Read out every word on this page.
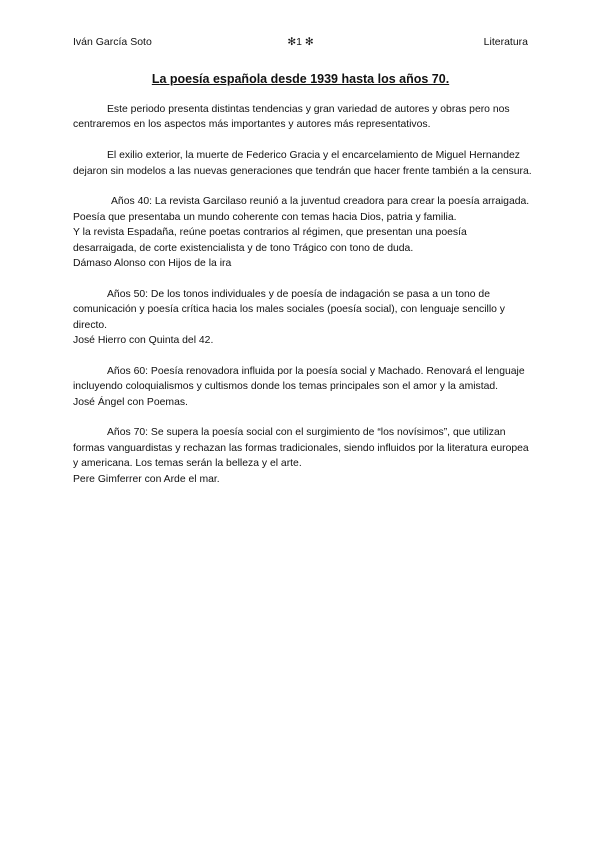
Iván García Soto	✻1 ✻	Literatura
La poesía española desde 1939 hasta los años 70.

Este periodo presenta distintas tendencias y gran variedad de autores y obras pero nos centraremos en los aspectos más importantes y autores más representativos.

El exilio exterior, la muerte de Federico Gracia y el encarcelamiento de Miguel Hernandez dejaron sin modelos a las nuevas generaciones que tendrán que hacer frente también a la censura.

Años 40: La revista Garcilaso reunió a la juventud creadora para crear la poesía arraigada. Poesía que presentaba un mundo coherente con temas hacia Dios, patria y familia.
Y la revista Espadaña, reúne poetas contrarios al régimen, que presentan una poesía desarraigada, de corte existencialista y de tono Trágico con tono de duda.
Dámaso Alonso con Hijos de la ira
Años 50: De los tonos individuales y de poesía de indagación se pasa a un tono de comunicación y poesía crítica hacia los males sociales (poesía social), con lenguaje sencillo y directo.
José Hierro con Quinta del 42.
Años 60: Poesía renovadora influida por la poesía social y Machado. Renovará el lenguaje incluyendo coloquialismos y cultismos donde los temas principales son el amor y la amistad.
José Ángel con Poemas.
Años 70: Se supera la poesía social con el surgimiento de “los novísimos”, que utilizan formas vanguardistas y rechazan las formas tradicionales, siendo influidos por la literatura europea y americana. Los temas serán la belleza y el arte.
Pere Gimferrer con Arde el mar.
